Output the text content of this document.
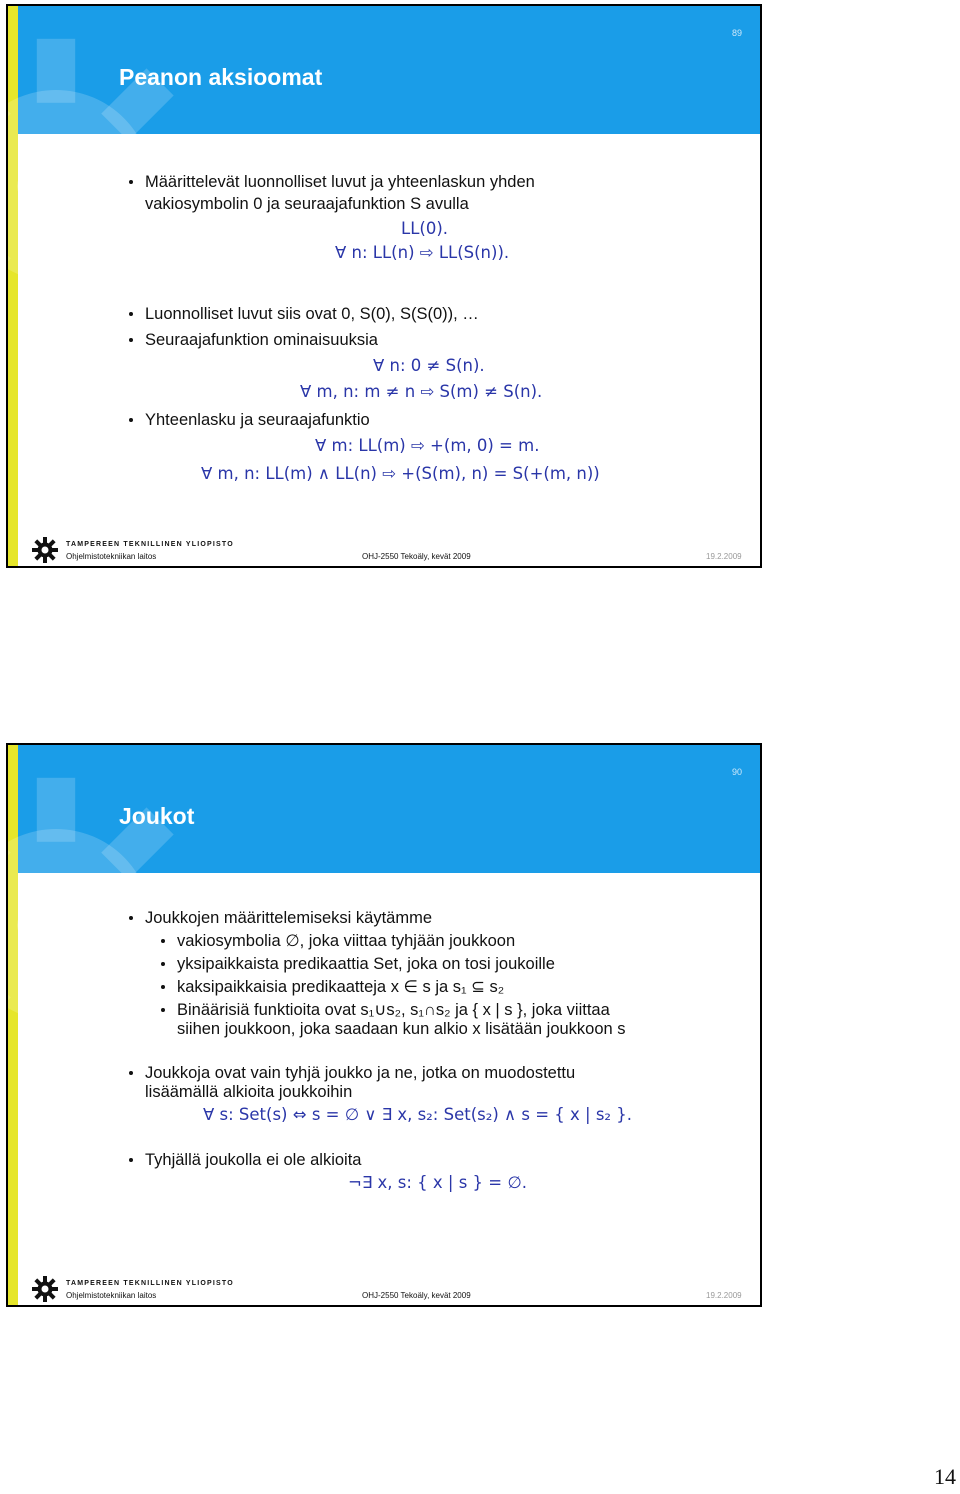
89
Peanon aksioomat
Määrittelevät luonnolliset luvut ja yhteenlaskun yhden
vakiosymbolin 0 ja seuraajafunktion S avulla
LL(0).
∀ n: LL(n) ⇨ LL(S(n)).
Luonnolliset luvut siis ovat 0, S(0), S(S(0)), …
Seuraajafunktion ominaisuuksia
∀ n: 0 ≠ S(n).
∀ m, n: m ≠ n ⇨ S(m) ≠ S(n).
Yhteenlasku ja seuraajafunktio
∀ m: LL(m) ⇨ +(m, 0) = m.
∀ m, n: LL(m) ∧ LL(n) ⇨ +(S(m), n) = S(+(m, n))
TAMPEREEN TEKNILLINEN YLIOPISTO
Ohjelmistotekniikan laitos	OHJ-2550 Tekoäly, kevät 2009	19.2.2009
90
Joukot
Joukkojen määrittelemiseksi käytämme
vakiosymbolia ∅, joka viittaa tyhjään joukkoon
yksipaikkaista predikaattia Set, joka on tosi joukoille
kaksipaikkaisia predikaatteja x ∈ s ja s₁ ⊆ s₂
Binäärisiä funktioita ovat s₁∪s₂, s₁∩s₂ ja { x | s }, joka viittaa
siihen joukkoon, joka saadaan kun alkio x lisätään joukkoon s
Joukkoja ovat vain tyhjä joukko ja ne, jotka on muodostettu
lisäämällä alkioita joukkoihin
∀ s: Set(s) ⇔ s = ∅ ∨ ∃ x, s₂: Set(s₂) ∧ s = { x | s₂ }.
Tyhjällä joukolla ei ole alkioita
¬∃ x, s: { x | s } = ∅.
TAMPEREEN TEKNILLINEN YLIOPISTO
Ohjelmistotekniikan laitos	OHJ-2550 Tekoäly, kevät 2009	19.2.2009
14
